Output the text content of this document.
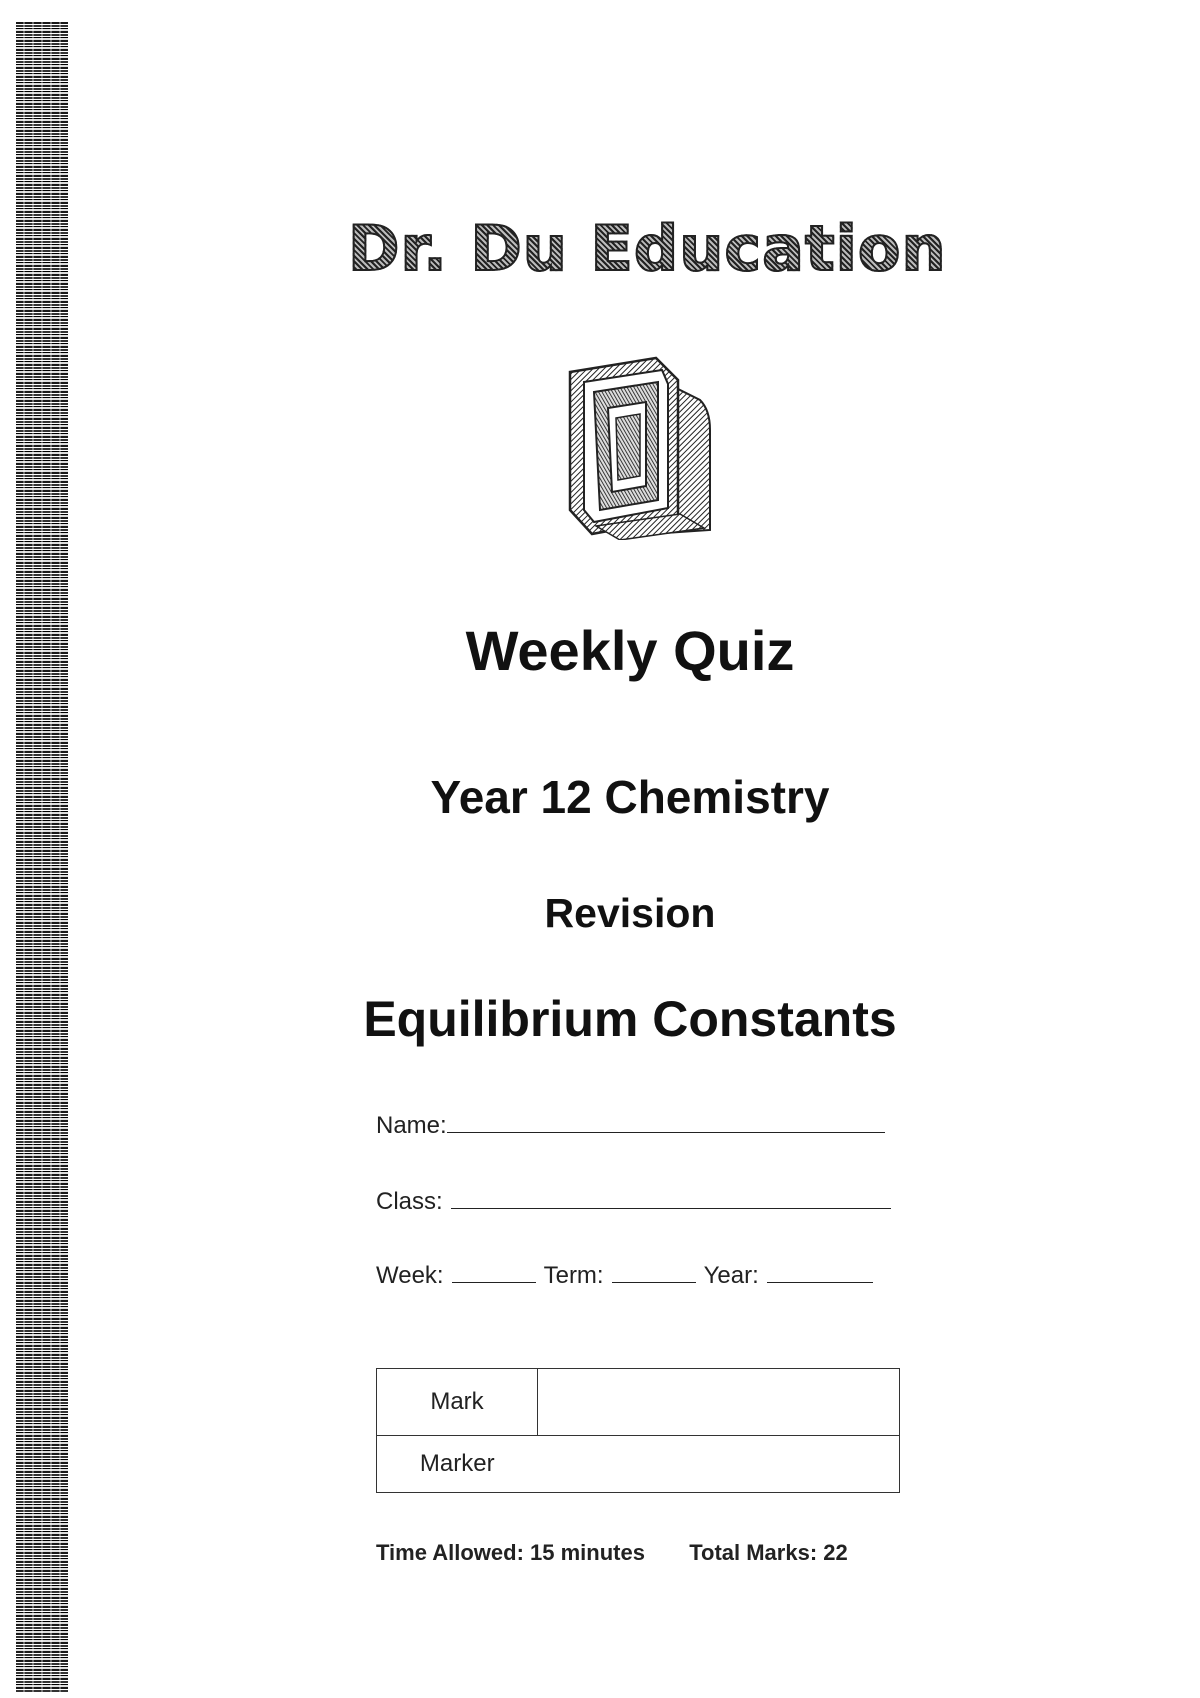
Dr. Du Education
Weekly Quiz
Year 12 Chemistry
Revision
Equilibrium Constants
Name:
Class:
Week:	Term:	Year:
Mark	
Marker	
Time Allowed: 15 minutes Total Marks: 22
